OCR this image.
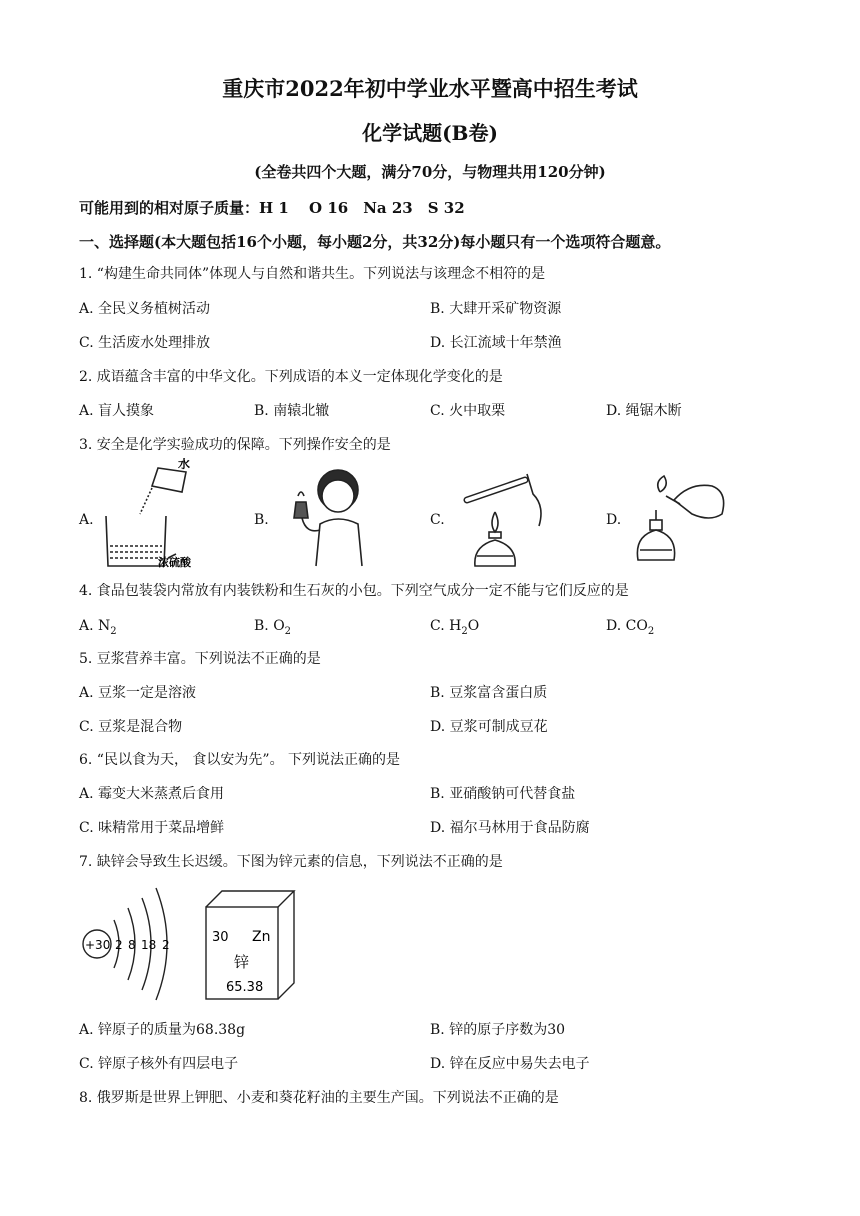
重庆市2022年初中学业水平暨高中招生考试
化学试题(B卷)
(全卷共四个大题，满分70分，与物理共用120分钟)
可能用到的相对原子质量：H 1　 O 16　Na 23　S 32
一、选择题(本大题包括16个小题，每小题2分，共32分)每小题只有一个选项符合题意。
1. “构建生命共同体”体现人与自然和谐共生。下列说法与该理念不相符的是
A. 全民义务植树活动	B. 大肆开采矿物资源
C. 生活废水处理排放	D. 长江流域十年禁渔
2. 成语蕴含丰富的中华文化。下列成语的本义一定体现化学变化的是
A. 盲人摸象	B. 南辕北辙	C. 火中取栗	D. 绳锯木断
3. 安全是化学实验成功的保障。下列操作安全的是
A.	B.	C.	D.
水
浓硫酸
4. 食品包装袋内常放有内装铁粉和生石灰的小包。下列空气成分一定不能与它们反应的是
A. $N_2$	B. $O_2$	C. $H_2O$	D. $CO_2$
5. 豆浆营养丰富。下列说法不正确的是
A. 豆浆一定是溶液	B. 豆浆富含蛋白质
C. 豆浆是混合物	D. 豆浆可制成豆花
6. “民以食为天， 食以安为先”。 下列说法正确的是
A. 霉变大米蒸煮后食用	B. 亚硝酸钠可代替食盐
C. 味精常用于菜品增鲜	D. 福尔马林用于食品防腐
7. 缺锌会导致生长迟缓。下图为锌元素的信息，下列说法不正确的是
+30 2 8 18 2	30 Zn
锌
65.38
A. 锌原子的质量为68.38g	B. 锌的原子序数为30
C. 锌原子核外有四层电子	D. 锌在反应中易失去电子
8. 俄罗斯是世界上钾肥、小麦和葵花籽油的主要生产国。下列说法不正确的是
